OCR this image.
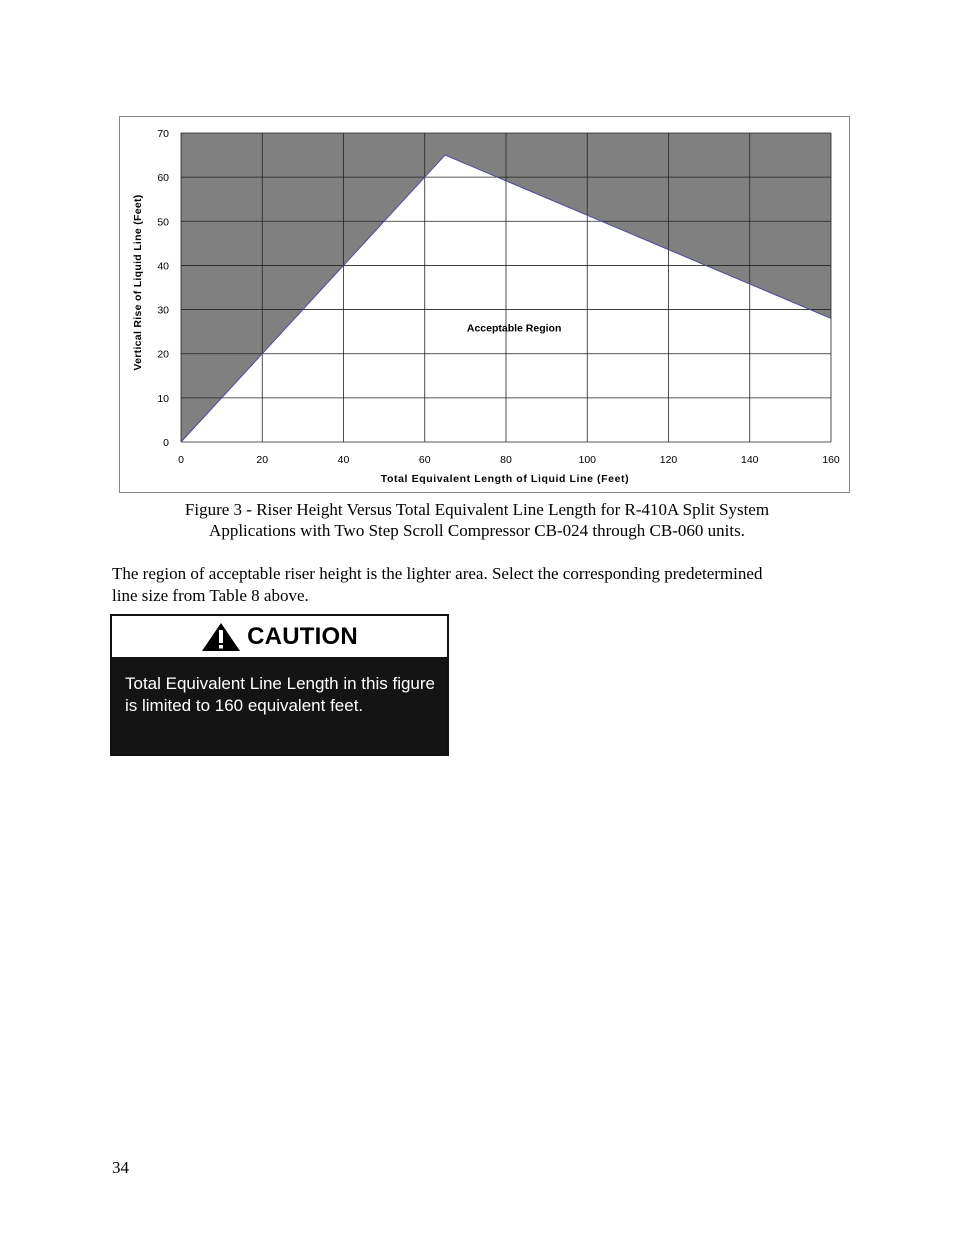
0	20	40	60	80	100	120	140	160
0
10
20
30
40
50
60
70
Total Equivalent Length of Liquid Line (Feet)
Vertical Rise of Liquid Line (Feet)	Acceptable Region
Figure 3 - Riser Height Versus Total Equivalent Line Length for R-410A Split System
Applications with Two Step Scroll Compressor CB-024 through CB-060 units.
The region of acceptable riser height is the lighter area. Select the corresponding predetermined
line size from Table 8 above.
CAUTION
Total Equivalent Line Length in this figure is limited to 160 equivalent feet.
34
